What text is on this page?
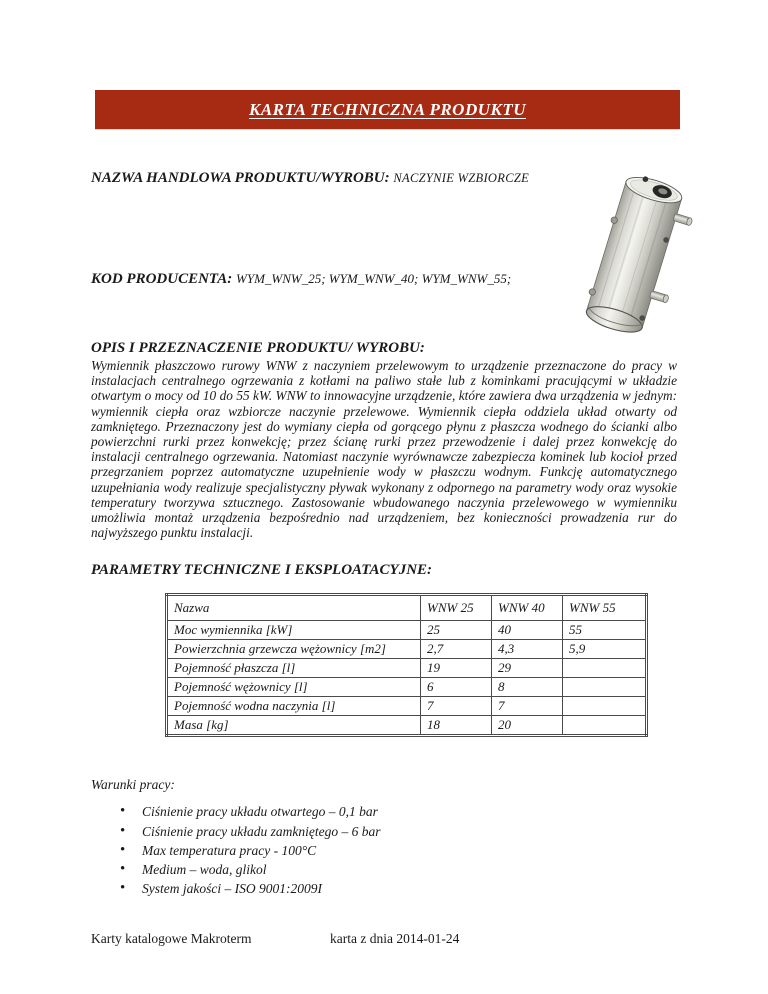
KARTA TECHNICZNA PRODUKTU
NAZWA HANDLOWA PRODUKTU/WYROBU: NACZYNIE WZBIORCZE
KOD PRODUCENTA: WYM_WNW_25; WYM_WNW_40; WYM_WNW_55;
OPIS I PRZEZNACZENIE PRODUKTU/ WYROBU:
Wymiennik płaszczowo rurowy WNW z naczyniem przelewowym to urządzenie przeznaczone do pracy w instalacjach centralnego ogrzewania z kotłami na paliwo stałe lub z kominkami pracującymi w układzie otwartym o mocy od 10 do 55 kW. WNW to innowacyjne urządzenie, które zawiera dwa urządzenia w jednym: wymiennik ciepła oraz wzbiorcze naczynie przelewowe. Wymiennik ciepła oddziela układ otwarty od zamkniętego. Przeznaczony jest do wymiany ciepła od gorącego płynu z płaszcza wodnego do ścianki albo powierzchni rurki przez konwekcję; przez ścianę rurki przez przewodzenie i dalej przez konwekcję do instalacji centralnego ogrzewania. Natomiast naczynie wyrównawcze zabezpiecza kominek lub kocioł przed przegrzaniem poprzez automatyczne uzupełnienie wody w płaszczu wodnym. Funkcję automatycznego uzupełniania wody realizuje specjalistyczny pływak wykonany z odpornego na parametry wody oraz wysokie temperatury tworzywa sztucznego. Zastosowanie wbudowanego naczynia przelewowego w wymienniku umożliwia montaż urządzenia bezpośrednio nad urządzeniem, bez konieczności prowadzenia rur do najwyższego punktu instalacji.
PARAMETRY TECHNICZNE I EKSPLOATACYJNE:
Nazwa	WNW 25	WNW 40	WNW 55
Moc wymiennika [kW]	25	40	55
Powierzchnia grzewcza wężownicy [m2]	2,7	4,3	5,9
Pojemność płaszcza [l]	19	29	
Pojemność wężownicy [l]	6	8	
Pojemność wodna naczynia [l]	7	7	
Masa [kg]	18	20	
Warunki pracy:
• Ciśnienie pracy układu otwartego – 0,1 bar
• Ciśnienie pracy układu zamkniętego – 6 bar
• Max temperatura pracy - 100°C
• Medium – woda, glikol
• System jakości – ISO 9001:2009I
Karty katalogowe Makroterm	karta z dnia 2014-01-24
